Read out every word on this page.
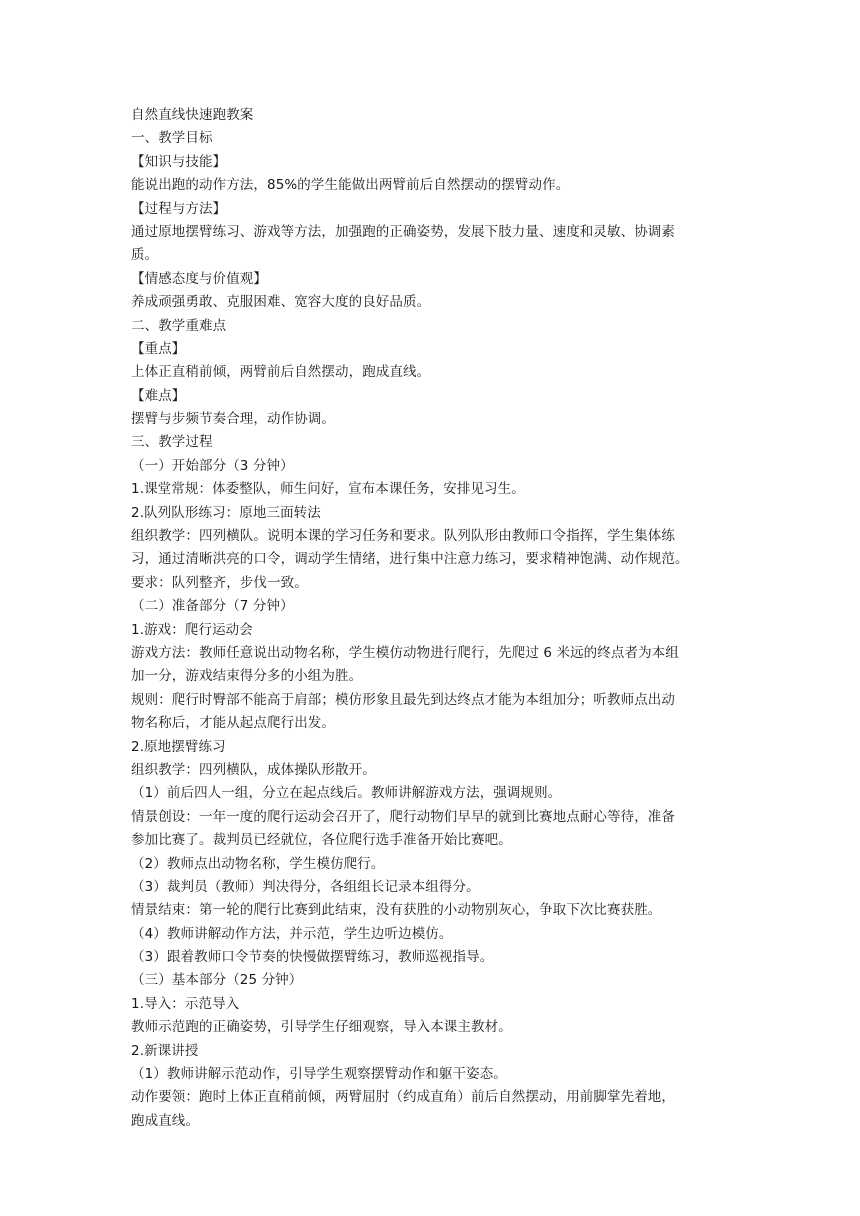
自然直线快速跑教案
一、教学目标
【知识与技能】
能说出跑的动作方法，85%的学生能做出两臂前后自然摆动的摆臂动作。
【过程与方法】
通过原地摆臂练习、游戏等方法，加强跑的正确姿势，发展下肢力量、速度和灵敏、协调素
质。
【情感态度与价值观】
养成顽强勇敢、克服困难、宽容大度的良好品质。
二、教学重难点
【重点】
上体正直稍前倾，两臂前后自然摆动，跑成直线。
【难点】
摆臂与步频节奏合理，动作协调。
三、教学过程
（一）开始部分（3 分钟）
1.课堂常规：体委整队，师生问好，宣布本课任务，安排见习生。
2.队列队形练习：原地三面转法
组织教学：四列横队。说明本课的学习任务和要求。队列队形由教师口令指挥，学生集体练
习，通过清晰洪亮的口令，调动学生情绪，进行集中注意力练习，要求精神饱满、动作规范。
要求：队列整齐，步伐一致。
（二）准备部分（7 分钟）
1.游戏：爬行运动会
游戏方法：教师任意说出动物名称，学生模仿动物进行爬行，先爬过 6 米远的终点者为本组
加一分，游戏结束得分多的小组为胜。
规则：爬行时臀部不能高于肩部；模仿形象且最先到达终点才能为本组加分；听教师点出动
物名称后，才能从起点爬行出发。
2.原地摆臂练习
组织教学：四列横队，成体操队形散开。
（1）前后四人一组，分立在起点线后。教师讲解游戏方法，强调规则。
情景创设：一年一度的爬行运动会召开了，爬行动物们早早的就到比赛地点耐心等待，准备
参加比赛了。裁判员已经就位，各位爬行选手准备开始比赛吧。
（2）教师点出动物名称，学生模仿爬行。
（3）裁判员（教师）判决得分，各组组长记录本组得分。
情景结束：第一轮的爬行比赛到此结束，没有获胜的小动物别灰心，争取下次比赛获胜。
（4）教师讲解动作方法，并示范，学生边听边模仿。
（3）跟着教师口令节奏的快慢做摆臂练习，教师巡视指导。
（三）基本部分（25 分钟）
1.导入：示范导入
教师示范跑的正确姿势，引导学生仔细观察，导入本课主教材。
2.新课讲授
（1）教师讲解示范动作，引导学生观察摆臂动作和躯干姿态。
动作要领：跑时上体正直稍前倾，两臂屈肘（约成直角）前后自然摆动，用前脚掌先着地，
跑成直线。
